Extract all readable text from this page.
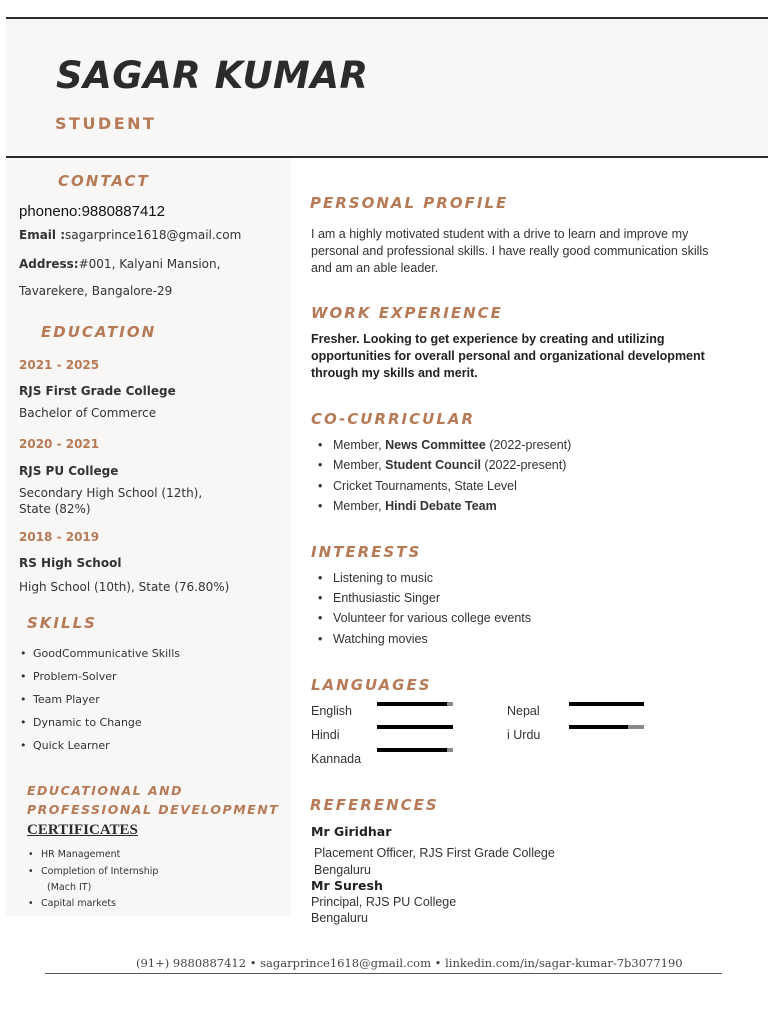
SAGAR KUMAR
STUDENT
CONTACT
phoneno:9880887412
Email :sagarprince1618@gmail.com
Address:#001, Kalyani Mansion,
Tavarekere, Bangalore-29
EDUCATION
2021 - 2025
RJS First Grade College
Bachelor of Commerce
2020 - 2021
RJS PU College
Secondary High School (12th),
State (82%)
2018 - 2019
RS High School
High School (10th), State (76.80%)
SKILLS
• GoodCommunicative Skills
• Problem-Solver
• Team Player
• Dynamic to Change
• Quick Learner
EDUCATIONAL AND
PROFESSIONAL DEVELOPMENT
CERTIFICATES
• HR Management
• Completion of Internship
(Mach IT)
• Capital markets
PERSONAL PROFILE
I am a highly motivated student with a drive to learn and improve my personal and professional skills. I have really good communication skills and am an able leader.
WORK EXPERIENCE
Fresher. Looking to get experience by creating and utilizing opportunities for overall personal and organizational development through my skills and merit.
CO-CURRICULAR
• Member, News Committee (2022-present)
• Member, Student Council (2022-present)
• Cricket Tournaments, State Level
• Member, Hindi Debate Team
INTERESTS
• Listening to music
• Enthusiastic Singer
• Volunteer for various college events
• Watching movies
LANGUAGES
English
Hindi
Kannada
Nepal
i Urdu
REFERENCES
Mr Giridhar
Placement Officer, RJS First Grade College
Bengaluru
Mr Suresh
Principal, RJS PU College
Bengaluru
(91+) 9880887412 • sagarprince1618@gmail.com • linkedin.com/in/sagar-kumar-7b3077190
